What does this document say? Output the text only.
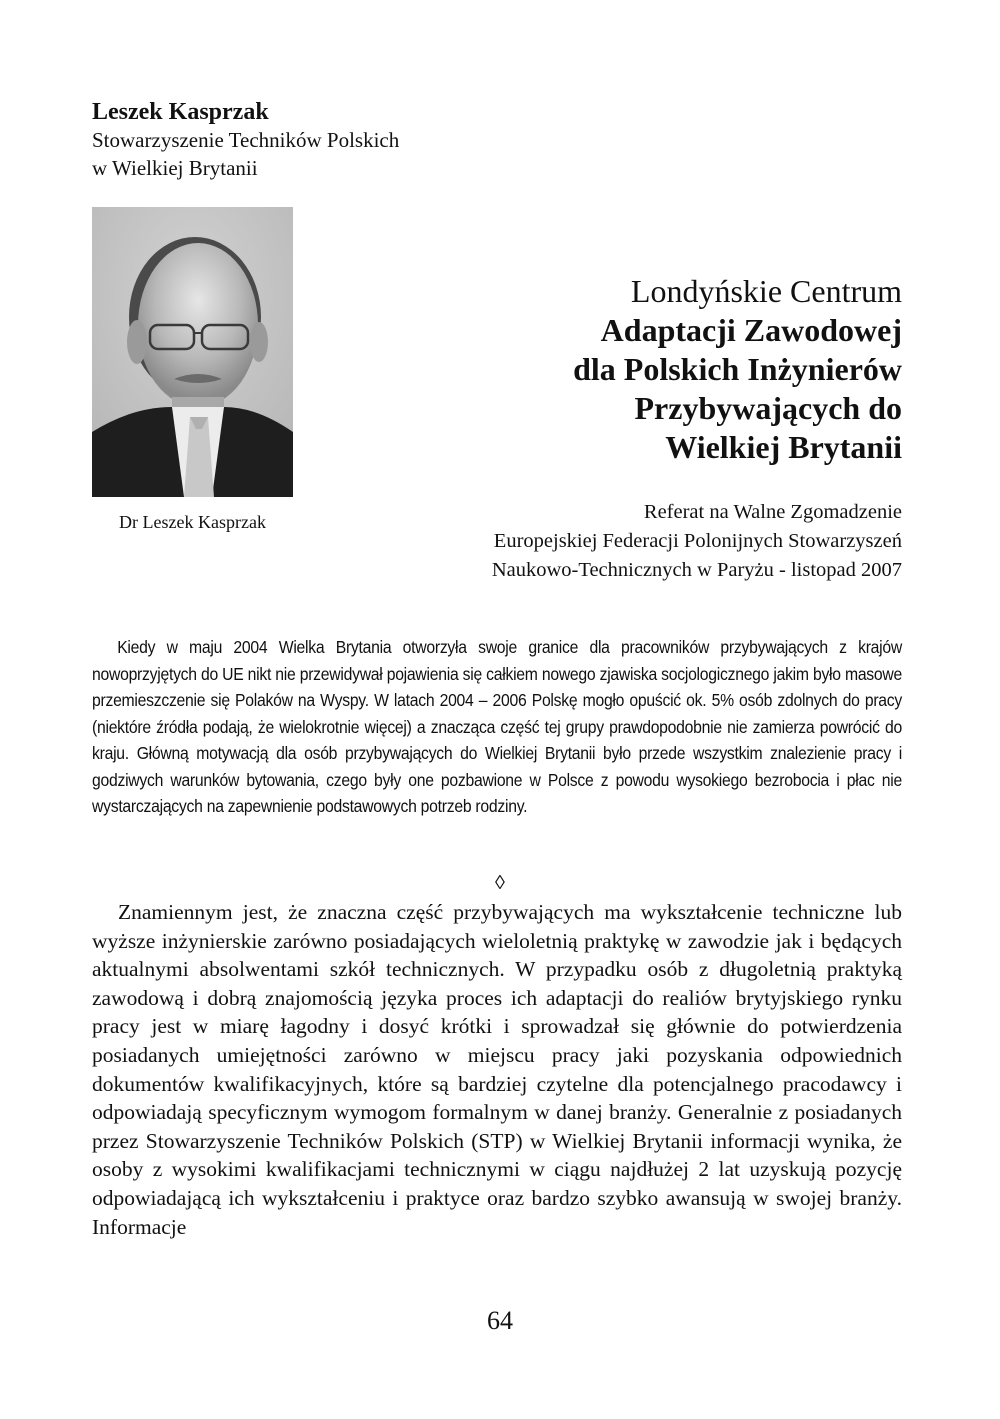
Leszek Kasprzak
Stowarzyszenie Techników Polskich
w Wielkiej Brytanii
Dr Leszek Kasprzak
Londyńskie Centrum
Adaptacji Zawodowej
dla Polskich Inżynierów
Przybywających do
Wielkiej Brytanii
Referat na Walne Zgomadzenie
Europejskiej Federacji Polonijnych Stowarzyszeń
Naukowo-Technicznych w Paryżu - listopad 2007

Kiedy w maju 2004 Wielka Brytania otworzyła swoje granice dla pracowników przybywających z krajów nowoprzyjętych do UE nikt nie przewidywał pojawienia się całkiem nowego zjawiska socjologicznego jakim było masowe przemieszczenie się Polaków na Wyspy. W latach 2004 – 2006 Polskę mogło opuścić ok. 5% osób zdolnych do pracy (niektóre źródła podają, że wielokrotnie więcej) a znacząca część tej grupy prawdopodobnie nie zamierza powrócić do kraju. Główną motywacją dla osób przybywających do Wielkiej Brytanii było przede wszystkim znalezienie pracy i godziwych warunków bytowania, czego były one pozbawione w Polsce z powodu wysokiego bezrobocia i płac nie wystarczających na zapewnienie podstawowych potrzeb rodziny.

◊

Znamiennym jest, że znaczna część przybywających ma wykształcenie techniczne lub wyższe inżynierskie zarówno posiadających wieloletnią praktykę w zawodzie jak i będących aktualnymi absolwentami szkół technicznych. W przypadku osób z długoletnią praktyką zawodową i dobrą znajomością języka proces ich adaptacji do realiów brytyjskiego rynku pracy jest w miarę łagodny i dosyć krótki i sprowadzał się głównie do potwierdzenia posiadanych umiejętności zarówno w miejscu pracy jaki pozyskania odpowiednich dokumentów kwalifikacyjnych, które są bardziej czytelne dla potencjalnego pracodawcy i odpowiadają specyficznym wymogom formalnym w danej branży. Generalnie z posiadanych przez Stowarzyszenie Techników Polskich (STP) w Wielkiej Brytanii informacji wynika, że osoby z wysokimi kwalifikacjami technicznymi w ciągu najdłużej 2 lat uzyskują pozycję odpowiadającą ich wykształceniu i praktyce oraz bardzo szybko awansują w swojej branży. Informacje

64
